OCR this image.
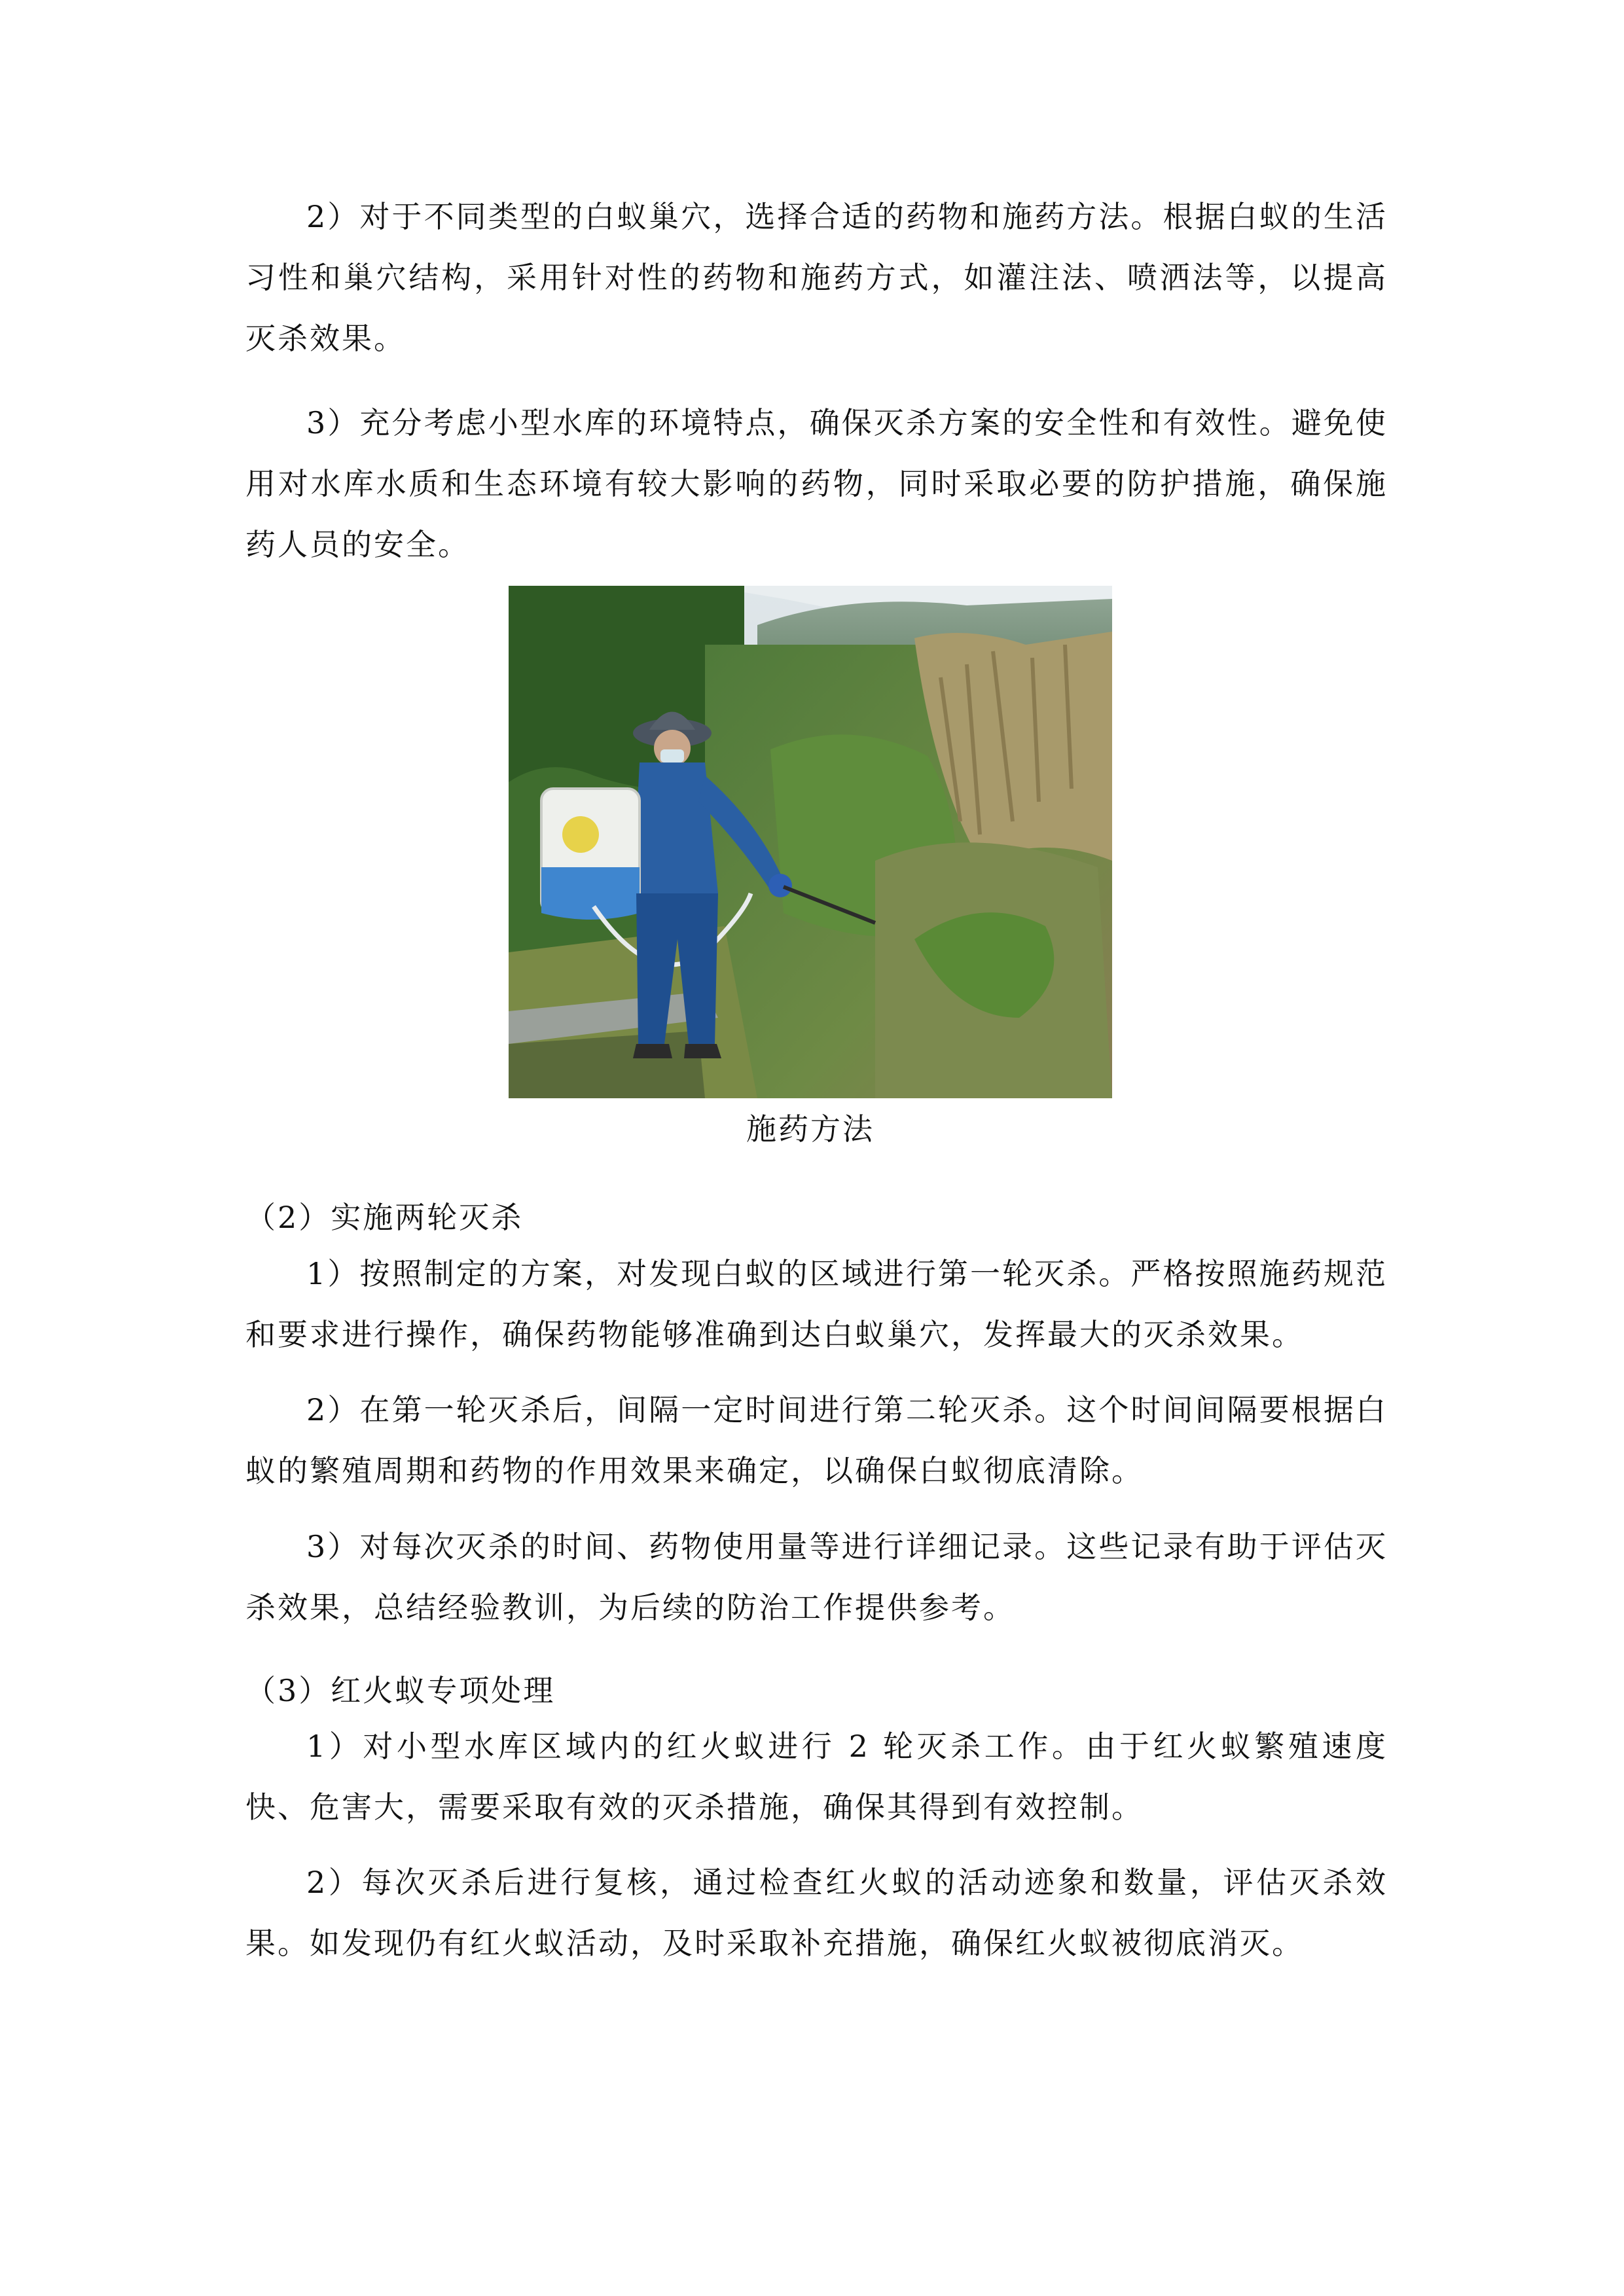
2）对于不同类型的白蚁巢穴，选择合适的药物和施药方法。根据白蚁的生活习性和巢穴结构，采用针对性的药物和施药方式，如灌注法、喷洒法等，以提高灭杀效果。

3）充分考虑小型水库的环境特点，确保灭杀方案的安全性和有效性。避免使用对水库水质和生态环境有较大影响的药物，同时采取必要的防护措施，确保施药人员的安全。

施药方法
（2）实施两轮灭杀

1）按照制定的方案，对发现白蚁的区域进行第一轮灭杀。严格按照施药规范和要求进行操作，确保药物能够准确到达白蚁巢穴，发挥最大的灭杀效果。

2）在第一轮灭杀后，间隔一定时间进行第二轮灭杀。这个时间间隔要根据白蚁的繁殖周期和药物的作用效果来确定，以确保白蚁彻底清除。

3）对每次灭杀的时间、药物使用量等进行详细记录。这些记录有助于评估灭杀效果，总结经验教训，为后续的防治工作提供参考。

（3）红火蚁专项处理

1）对小型水库区域内的红火蚁进行 2 轮灭杀工作。由于红火蚁繁殖速度快、危害大，需要采取有效的灭杀措施，确保其得到有效控制。

2）每次灭杀后进行复核，通过检查红火蚁的活动迹象和数量，评估灭杀效果。如发现仍有红火蚁活动，及时采取补充措施，确保红火蚁被彻底消灭。
